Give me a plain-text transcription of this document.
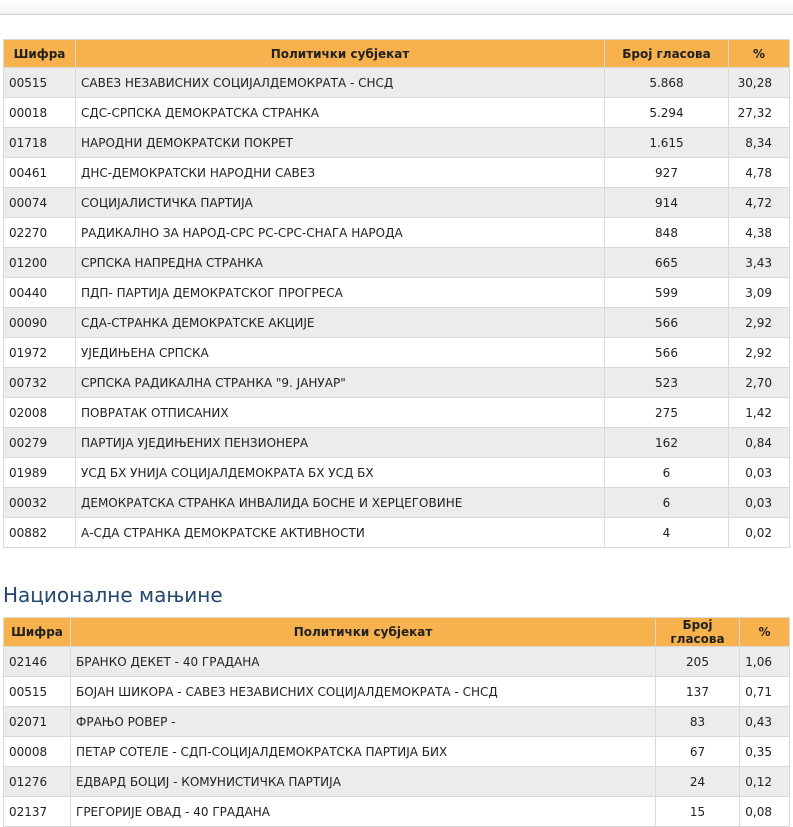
Шифра	Политички субјекат	Број гласова	%
00515	САВЕЗ НЕЗАВИСНИХ СОЦИЈАЛДЕМОКРАТА - СНСД	5.868	30,28
00018	СДС-СРПСКА ДЕМОКРАТСКА СТРАНКА	5.294	27,32
01718	НАРОДНИ ДЕМОКРАТСКИ ПОКРЕТ	1.615	8,34
00461	ДНС-ДЕМОКРАТСКИ НАРОДНИ САВЕЗ	927	4,78
00074	СОЦИЈАЛИСТИЧКА ПАРТИЈА	914	4,72
02270	РАДИКАЛНО ЗА НАРОД-СРС РС-СРС-СНАГА НАРОДА	848	4,38
01200	СРПСКА НАПРЕДНА СТРАНКА	665	3,43
00440	ПДП- ПАРТИЈА ДЕМОКРАТСКОГ ПРОГРЕСА	599	3,09
00090	СДА-СТРАНКА ДЕМОКРАТСКЕ АКЦИЈЕ	566	2,92
01972	УЈЕДИЊЕНА СРПСКА	566	2,92
00732	СРПСКА РАДИКАЛНА СТРАНКА "9. ЈАНУАР"	523	2,70
02008	ПОВРАТАК ОТПИСАНИХ	275	1,42
00279	ПАРТИЈА УЈЕДИЊЕНИХ ПЕНЗИОНЕРА	162	0,84
01989	УСД БХ УНИЈА СОЦИЈАЛДЕМОКРАТА БХ УСД БХ	6	0,03
00032	ДЕМОКРАТСКА СТРАНКА ИНВАЛИДА БОСНЕ И ХЕРЦЕГОВИНЕ	6	0,03
00882	А-СДА СТРАНКА ДЕМОКРАТСКЕ АКТИВНОСТИ	4	0,02
Националне мањине
Шифра	Политички субјекат	Број гласова	%
02146	БРАНКО ДЕКЕТ - 40 ГРАДАНА	205	1,06
00515	БОЈАН ШИКОРА - САВЕЗ НЕЗАВИСНИХ СОЦИЈАЛДЕМОКРАТА - СНСД	137	0,71
02071	ФРАЊО РОВЕР -	83	0,43
00008	ПЕТАР СОТЕЛЕ - СДП-СОЦИЈАЛДЕМОКРАТСКА ПАРТИЈА БИХ	67	0,35
01276	ЕДВАРД БОЦИЈ - КОМУНИСТИЧКА ПАРТИЈА	24	0,12
02137	ГРЕГОРИЈЕ ОВАД - 40 ГРАДАНА	15	0,08
